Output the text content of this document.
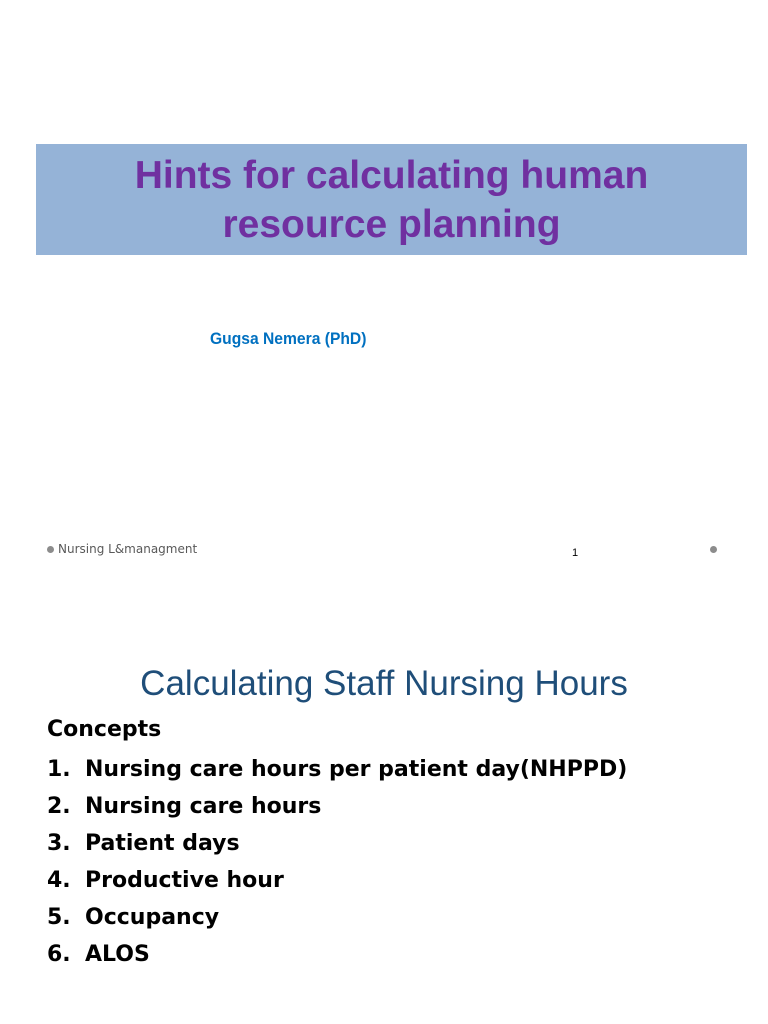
Hints for calculating human
resource planning
Gugsa Nemera (PhD)
Nursing L&managment	1
Calculating Staff Nursing Hours
Concepts
1. Nursing care hours per patient day(NHPPD)
2. Nursing care hours
3. Patient days
4. Productive hour
5. Occupancy
6. ALOS
